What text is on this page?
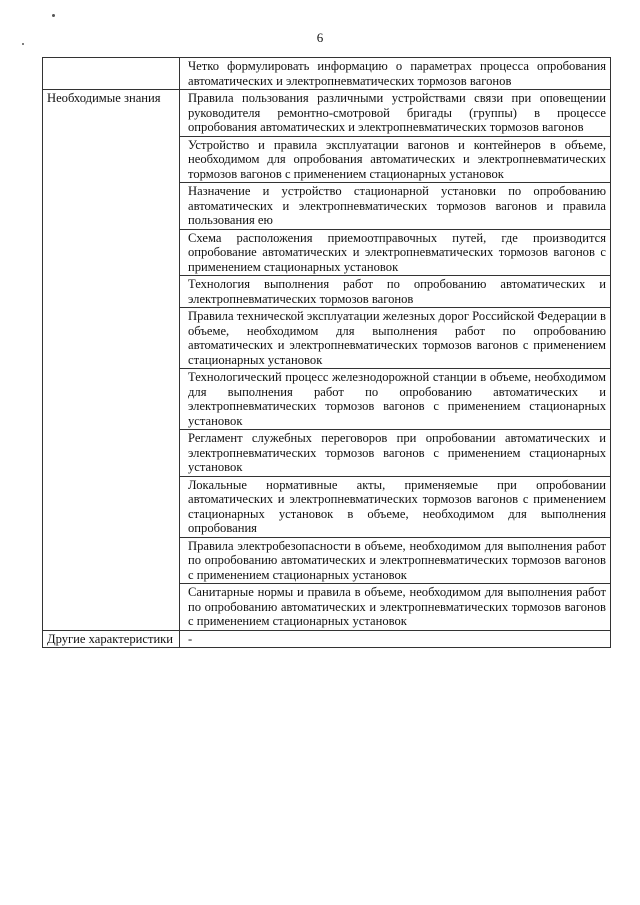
6
	Четко формулировать информацию о параметрах процесса опробования автоматических и электропневматических тормозов вагонов
Необходимые знания	Правила пользования различными устройствами связи при оповещении руководителя ремонтно-смотровой бригады (группы) в процессе опробования автоматических и электропневматических тормозов вагонов
	Устройство и правила эксплуатации вагонов и контейнеров в объеме, необходимом для опробования автоматических и электропневматических тормозов вагонов с применением стационарных установок
	Назначение и устройство стационарной установки по опробованию автоматических и электропневматических тормозов вагонов и правила пользования ею
	Схема расположения приемоотправочных путей, где производится опробование автоматических и электропневматических тормозов вагонов с применением стационарных установок
	Технология выполнения работ по опробованию автоматических и электропневматических тормозов вагонов
	Правила технической эксплуатации железных дорог Российской Федерации в объеме, необходимом для выполнения работ по опробованию автоматических и электропневматических тормозов вагонов с применением стационарных установок
	Технологический процесс железнодорожной станции в объеме, необходимом для выполнения работ по опробованию автоматических и электропневматических тормозов вагонов с применением стационарных установок
	Регламент служебных переговоров при опробовании автоматических и электропневматических тормозов вагонов с применением стационарных установок
	Локальные нормативные акты, применяемые при опробовании автоматических и электропневматических тормозов вагонов с применением стационарных установок в объеме, необходимом для выполнения опробования
	Правила электробезопасности в объеме, необходимом для выполнения работ по опробованию автоматических и электропневматических тормозов вагонов с применением стационарных установок
	Санитарные нормы и правила в объеме, необходимом для выполнения работ по опробованию автоматических и электропневматических тормозов вагонов с применением стационарных установок
Другие характеристики	-
